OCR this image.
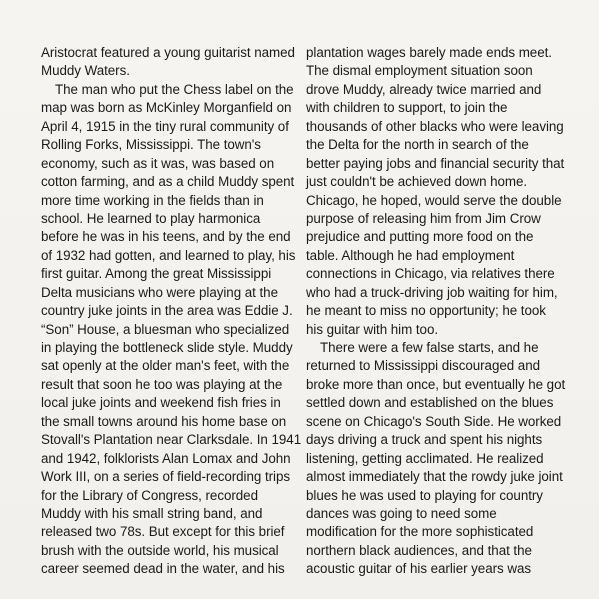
Aristocrat featured a young guitarist named
Muddy Waters.
The man who put the Chess label on the
map was born as McKinley Morganfield on
April 4, 1915 in the tiny rural community of
Rolling Forks, Mississippi. The town's
economy, such as it was, was based on
cotton farming, and as a child Muddy spent
more time working in the fields than in
school. He learned to play harmonica
before he was in his teens, and by the end
of 1932 had gotten, and learned to play, his
first guitar. Among the great Mississippi
Delta musicians who were playing at the
country juke joints in the area was Eddie J.
“Son” House, a bluesman who specialized
in playing the bottleneck slide style. Muddy
sat openly at the older man's feet, with the
result that soon he too was playing at the
local juke joints and weekend fish fries in
the small towns around his home base on
Stovall's Plantation near Clarksdale. In 1941
and 1942, folklorists Alan Lomax and John
Work III, on a series of field-recording trips
for the Library of Congress, recorded
Muddy with his small string band, and
released two 78s. But except for this brief
brush with the outside world, his musical
career seemed dead in the water, and his
plantation wages barely made ends meet.
The dismal employment situation soon
drove Muddy, already twice married and
with children to support, to join the
thousands of other blacks who were leaving
the Delta for the north in search of the
better paying jobs and financial security that
just couldn't be achieved down home.
Chicago, he hoped, would serve the double
purpose of releasing him from Jim Crow
prejudice and putting more food on the
table. Although he had employment
connections in Chicago, via relatives there
who had a truck-driving job waiting for him,
he meant to miss no opportunity; he took
his guitar with him too.
There were a few false starts, and he
returned to Mississippi discouraged and
broke more than once, but eventually he got
settled down and established on the blues
scene on Chicago's South Side. He worked
days driving a truck and spent his nights
listening, getting acclimated. He realized
almost immediately that the rowdy juke joint
blues he was used to playing for country
dances was going to need some
modification for the more sophisticated
northern black audiences, and that the
acoustic guitar of his earlier years was
